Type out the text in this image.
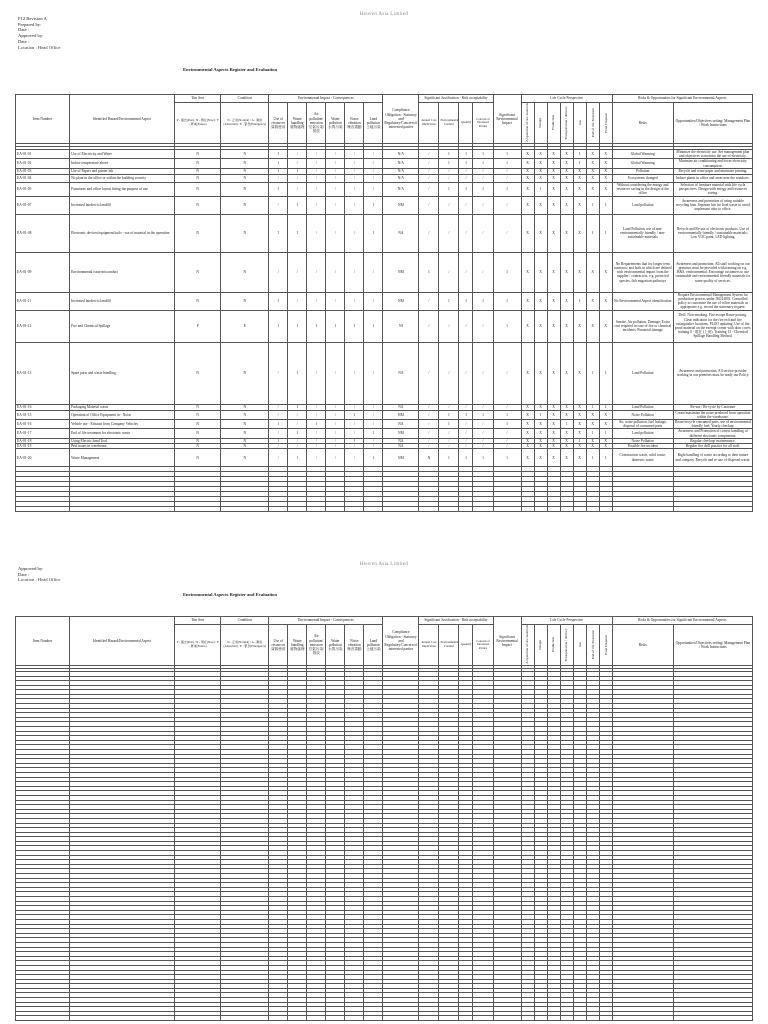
Heuven Asia Limited
F12 Revision A
Prepared by:
Date :
Approved by:
Date :
Location : Head Office
Environmental Aspects Register and Evaluation
Item Number	Identified Hazard/Environmental Aspect	Tim Sest	Condition	Environmental Impact - Consequences						Compliance Obligation - Statutory and Regulatory/Concern of interested parties	Significant Justification - Risk acceptability				Significant Environmental Impact	Life Cycle Perspective							Risks & Opportunities for Significant Environmental Aspects	
		P - 過去(Past) / N - 現在(Now) / F - 將來(Future)	N - 正常(Normal) / A - 異常(Abnormal) / E - 緊急(Emergency)	Use of resources 資源使用	Waste handling 廢物處理	Air pollution/ emission 空氣污染/排放	Water pollution 水質污染	Noise vibration 噪音震動	Land pollution 土地污染		Annual Cost Implication	Environmental Conduct	Quantity	Concern of Interested Parties		Acquisition of raw materials	Design	Production	Transportation / delivery	Use	End of life Treatment	Final Disposal	Risks	Opportunities/Objectives setting/ Management Plan / Work Instructions

EA-01-01	Use of Electricity and Water	N	N	1	/	/	/	/	/	N/A	/	1	1	1	1	X	X	X	X	1	X	X	Global Warming	Minimize the electricity use. Set management plan and objectives to monitor the use of electricity.
EA-01-02	Indoor temperature above	N	N	1	/	/	/	/	/	N/A	/	1	1	1	1	X	X	X	X	1	X	X	Global Warming	Minimize air conditioning and lower electricity consumption.
EA-01-03	Use of Papers and printer ink	N	N	1	1	/	/	/	/	N/A	/	/	/	/	/	X	X	X	X	X	X	X	Pollution	Recycle and reuse paper and minimize printing.
EA-01-04	No plant in the office or within the building security	N	N	/	/	/	/	/	/	N/A	/	/	/	/	/	X	X	X	X	X	X	X	Ecosystems changed	Induce plants in office and areas near the windows.
EA-01-05	Furnitures and office layout fitting the purpose of use	N	N	1	/	/	/	/	/	N/A	/	1	1	1	1	X	1	X	X	X	X	X	Without considering the energy and resources saving in the design of the office	Selection of furniture material with life cycle perspectives. Design with energy and resources saving.
EA-01-07	Increased burden to landfill	N	N	/	1	/	/	/	1	NM	/	/	/	/	/	X	X	X	X	X	1	1	Land pollution	Awareness and promotion of using suitable recycling bins. Separate bin for food waste to avoid unpleasant odor to office.
EA-01-08	Electronic devices/equipment/tools - use of material in the operation	N	N	1	1	/	/	/	1	NA	/	/	/	/	/	X	X	X	X	X	1	1	Land Pollution, use of non-environmentally friendly / non-sustainable materials	Recycle and Re-use of electronic products. Use of environmentally friendly / sustainable materials; Low VOC paint, LED lighting.
EA-01-09	Environmental issue misconduct	N	N	/	/	/	/	/	/	NM	1	/	/	/	1	X	X	X	X	X	X	X	No Requirements that for longer term contracts; and both in which are defined with environmental impact from the supplier / contractors, e.g. protected species, fish migration pathways	Awareness and promotion. All staff working on our premises must be provided with training on e.g. H&S, environmental. Encourage customers to use sustainable and environmental friendly materials for some quality of services.
EA-01-11	Increased burden to landfill	N	N	1	/	/	/	/	/	NM	/	1	1	1	1	X	X	X	X	1	X	X	No Environmental Aspect identification	Require Environmental Management System for production process under ISO14001. Controlled policy to customize the use of office materials as appropriate e.g. record the stationary request.
EA-01-12	Fire and Chemical Spillage	P	E	1	1	1	1	1	1	NI	/	/	/	/	1	X	X	X	X	X	X	X	Smoke, Air pollution, Damage; Extra cost required in case of fire or chemical incidents, Financial damage	Drill. Non-smoking. Fire escape Route posting. Clear indication for the fire exit and fire extinguisher locations, PLOO updating. Use of fire proof material on the exempt corner with door cover, training 0 - 現在 (上班). Training 13 - Chemical Spillage Handling Method.
EA-01-13	Spare parts and waste handling	N	N	/	1	/	/	/	/	NA	/	/	/	/	/	X	X	X	X	X	1	1	Land Pollution	Awareness and promotion. All service provider working in our premises must be ready our Policy.
EA-01-16	Packaging Material waste	N	N	/	1	/	/	/	/	NA	/	/	/	/	/	X	X	X	X	X	1	1	Land Pollution	Re-use / Re-cycle by Customer
EA-01-15	Operation of Office Equipment in - Noise	N	N	/	/	/	/	1	/	HM	/	1	1	1	1	X	1	X	X	X	X	X	Noise Pollution	Create/maximize the noise produced from operation within the warehouse.
EA-01-16	Vehicle use - Exhaust from Company Vehicles	N	N	1	/	1	/	/	/	NA	/	1	/	/	1	X	X	X	1	X	X	X	Air, noise pollution, fuel leakage, disposal of consumed parts	Reuse/recycle consumed parts, use of environmental friendly fuel; Yearly checkup.
EA-01-17	End of life treatment for electronic waste	N	N	/	1	/	/	/	1	NM	/	/	/	/	/	X	X	X	X	X	1	1	Land pollution	Awareness and Promotion of correct handling of different electronic components.
EA-01-18	Using Electric hand Tool	N	N	1	/	/	/	1	/	NA	/	/	/	/	/	X	X	X	X	1	X	X	Noise Pollution	Regular checkup/ maintenance.
EA-01-19	Pest issues in warehouse	N	N	/	/	/	/	/	/	NA	/	/	/	/	/	X	X	X	X	X	X	X	Possible fire incident	Regular fire drill practice for all staff.
EA-01-20	Waste Management	N	N	/	1	/	/	/	1	NM	N	1	1	1	1	X	X	X	X	X	1	1	Construction waste, solid waste, domestic waste	Right handling of waste according to their nature and category. Recycle and re-use of disposed waste.

Heuven Asia Limited
Approved by:
Date :
Location : Head Office
Environmental Aspects Register and Evaluation
Item Number	Identified Hazard/Environmental Aspect	Tim Sest	Condition	Environmental Impact - Consequences						Compliance Obligation - Statutory and Regulatory/Concern of interested parties	Significant Justification - Risk acceptability				Significant Environmental Impact	Life Cycle Perspective							Risks & Opportunities for Significant Environmental Aspects	
		P - 過去(Past) / N - 現在(Now) / F - 將來(Future)	N - 正常(Normal) / A - 異常(Abnormal) / E - 緊急(Emergency)	Use of resources 資源使用	Waste handling 廢物處理	Air pollution/ emission 空氣污染/排放	Water pollution 水質污染	Noise vibration 噪音震動	Land pollution 土地污染		Annual Cost Implication	Environmental Conduct	Quantity	Concern of Interested Parties		Acquisition of raw materials	Design	Production	Transportation / delivery	Use	End of life Treatment	Final Disposal	Risks	Opportunities/Objectives setting/ Management Plan / Work Instructions
